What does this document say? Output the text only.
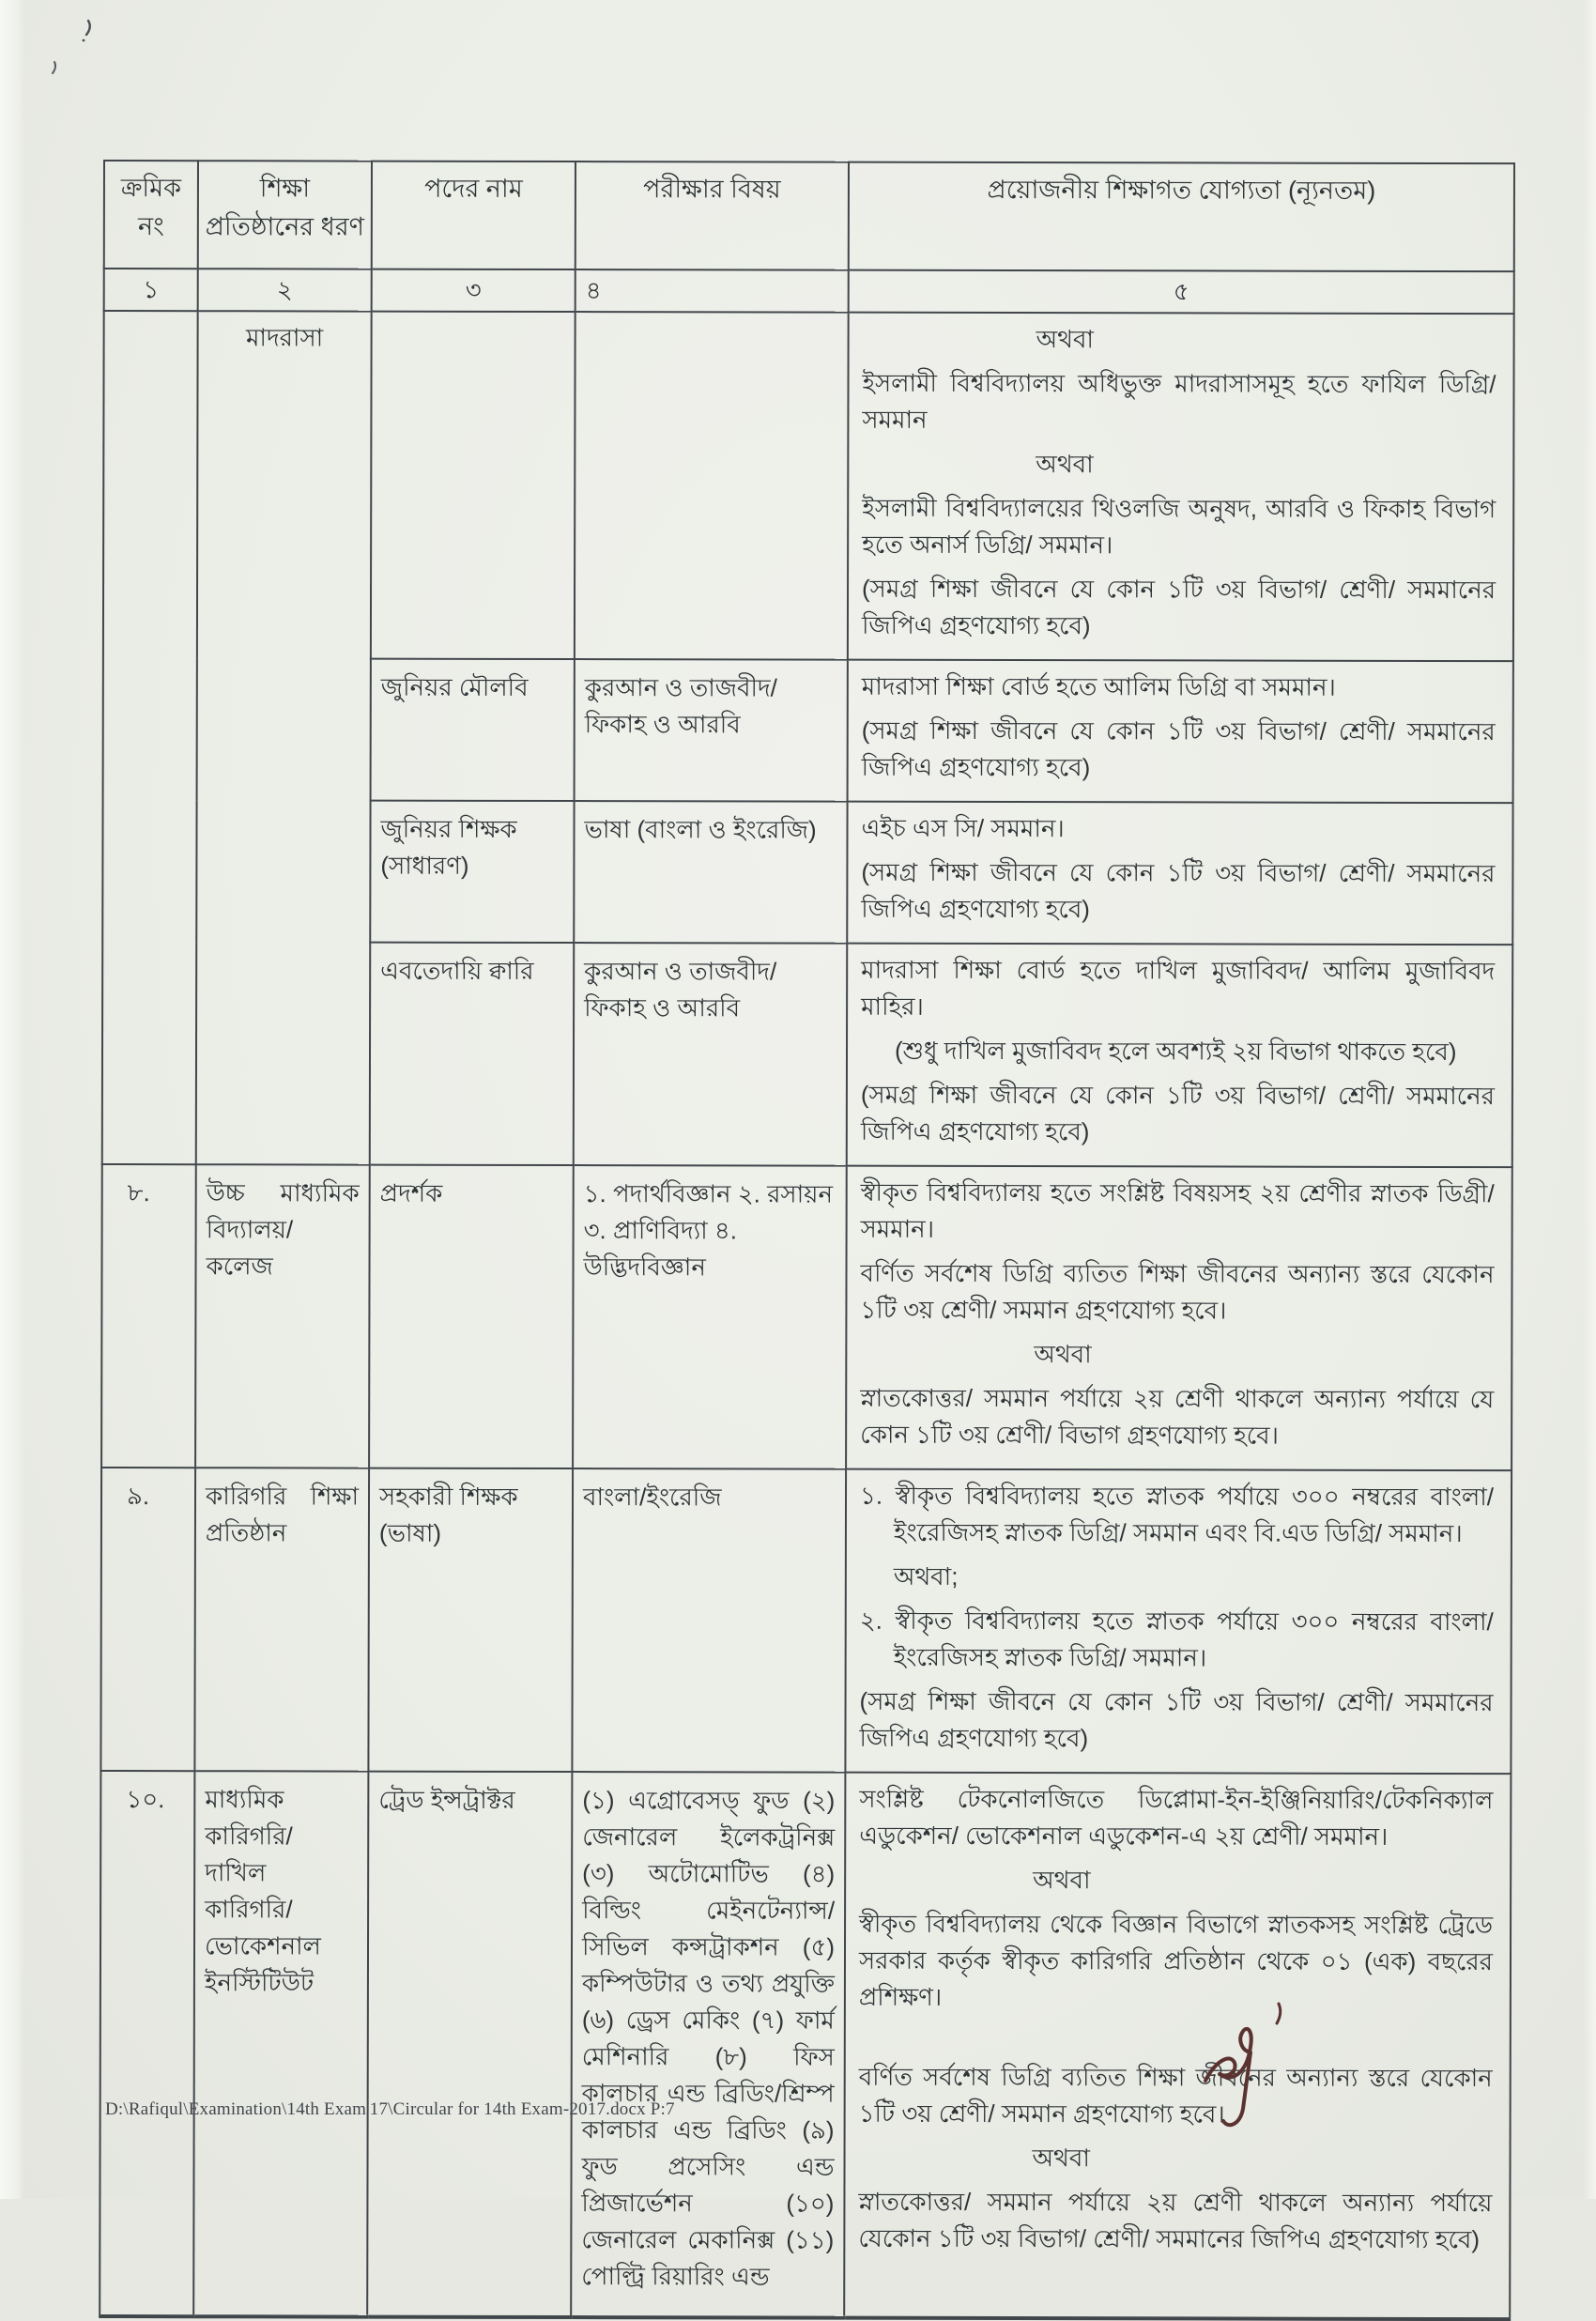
ক্রমিক নং	শিক্ষা প্রতিষ্ঠানের ধরণ	পদের নাম	পরীক্ষার বিষয়	প্রয়োজনীয় শিক্ষাগত যোগ্যতা (ন্যূনতম)
১	২	৩	৪	৫
	মাদরাসা			অথবা
ইসলামী বিশ্ববিদ্যালয় অধিভুক্ত মাদরাসাসমূহ হতে ফাযিল ডিগ্রি/ সমমান
অথবা
ইসলামী বিশ্ববিদ্যালয়ের থিওলজি অনুষদ, আরবি ও ফিকাহ বিভাগ হতে অনার্স ডিগ্রি/ সমমান।
(সমগ্র শিক্ষা জীবনে যে কোন ১টি ৩য় বিভাগ/ শ্রেণী/ সমমানের জিপিএ গ্রহণযোগ্য হবে)

		জুনিয়র মৌলবি	কুরআন ও তাজবীদ/ ফিকাহ ও আরবি	মাদরাসা শিক্ষা বোর্ড হতে আলিম ডিগ্রি বা সমমান।
(সমগ্র শিক্ষা জীবনে যে কোন ১টি ৩য় বিভাগ/ শ্রেণী/ সমমানের জিপিএ গ্রহণযোগ্য হবে)

		জুনিয়র শিক্ষক (সাধারণ)	ভাষা (বাংলা ও ইংরেজি)	এইচ এস সি/ সমমান।
(সমগ্র শিক্ষা জীবনে যে কোন ১টি ৩য় বিভাগ/ শ্রেণী/ সমমানের জিপিএ গ্রহণযোগ্য হবে)

		এবতেদায়ি ক্বারি	কুরআন ও তাজবীদ/ ফিকাহ ও আরবি	মাদরাসা শিক্ষা বোর্ড হতে দাখিল মুজাবিবদ/ আলিম মুজাবিবদ মাহির।
(শুধু দাখিল মুজাবিবদ হলে অবশ্যই ২য় বিভাগ থাকতে হবে)
(সমগ্র শিক্ষা জীবনে যে কোন ১টি ৩য় বিভাগ/ শ্রেণী/ সমমানের জিপিএ গ্রহণযোগ্য হবে)

৮.	উচ্চ মাধ্যমিক বিদ্যালয়/ কলেজ	প্রদর্শক	১. পদার্থবিজ্ঞান ২. রসায়ন ৩. প্রাণিবিদ্যা ৪. উদ্ভিদবিজ্ঞান	স্বীকৃত বিশ্ববিদ্যালয় হতে সংশ্লিষ্ট বিষয়সহ ২য় শ্রেণীর স্নাতক ডিগ্রী/ সমমান।
বর্ণিত সর্বশেষ ডিগ্রি ব্যতিত শিক্ষা জীবনের অন্যান্য স্তরে যেকোন ১টি ৩য় শ্রেণী/ সমমান গ্রহণযোগ্য হবে।
অথবা
স্নাতকোত্তর/ সমমান পর্যায়ে ২য় শ্রেণী থাকলে অন্যান্য পর্যায়ে যে কোন ১টি ৩য় শ্রেণী/ বিভাগ গ্রহণযোগ্য হবে।

৯.	কারিগরি শিক্ষা প্রতিষ্ঠান	সহকারী শিক্ষক (ভাষা)	বাংলা/ইংরেজি	১. স্বীকৃত বিশ্ববিদ্যালয় হতে স্নাতক পর্যায়ে ৩০০ নম্বরের বাংলা/ ইংরেজিসহ স্নাতক ডিগ্রি/ সমমান এবং বি.এড ডিগ্রি/ সমমান।
অথবা;
২. স্বীকৃত বিশ্ববিদ্যালয় হতে স্নাতক পর্যায়ে ৩০০ নম্বরের বাংলা/ ইংরেজিসহ স্নাতক ডিগ্রি/ সমমান।
(সমগ্র শিক্ষা জীবনে যে কোন ১টি ৩য় বিভাগ/ শ্রেণী/ সমমানের জিপিএ গ্রহণযোগ্য হবে)

১০.	মাধ্যমিক কারিগরি/ দাখিল কারিগরি/ ভোকেশনাল ইনস্টিটিউট	ট্রেড ইন্সট্রাক্টর	(১) এগ্রোবেসড্ ফুড (২) জেনারেল ইলেকট্রনিক্স (৩) অটোমোটিভ (৪) বিল্ডিং মেইনটেন্যান্স/সিভিল কন্সট্রাকশন (৫) কম্পিউটার ও তথ্য প্রযুক্তি (৬) ড্রেস মেকিং (৭) ফার্ম মেশিনারি (৮) ফিস কালচার এন্ড ব্রিডিং/শ্রিম্প কালচার এন্ড ব্রিডিং (৯) ফুড প্রসেসিং এন্ড প্রিজার্ভেশন (১০) জেনারেল মেকানিক্স (১১) পোল্ট্রি রিয়ারিং এন্ড	
সংশ্লিষ্ট টেকনোলজিতে ডিপ্লোমা-ইন-ইঞ্জিনিয়ারিং/টেকনিক্যাল এডুকেশন/ ভোকেশনাল এডুকেশন-এ ২য় শ্রেণী/ সমমান।
অথবা
স্বীকৃত বিশ্ববিদ্যালয় থেকে বিজ্ঞান বিভাগে স্নাতকসহ সংশ্লিষ্ট ট্রেডে সরকার কর্তৃক স্বীকৃত কারিগরি প্রতিষ্ঠান থেকে ০১ (এক) বছরের প্রশিক্ষণ।
বর্ণিত সর্বশেষ ডিগ্রি ব্যতিত শিক্ষা জীবনের অন্যান্য স্তরে যেকোন ১টি ৩য় শ্রেণী/ সমমান গ্রহণযোগ্য হবে।
অথবা
স্নাতকোত্তর/ সমমান পর্যায়ে ২য় শ্রেণী থাকলে অন্যান্য পর্যায়ে যেকোন ১টি ৩য় বিভাগ/ শ্রেণী/ সমমানের জিপিএ গ্রহণযোগ্য হবে)
D:\Rafiqul\Examination\14th Exam'17\Circular for 14th Exam-2017.docx P:7
